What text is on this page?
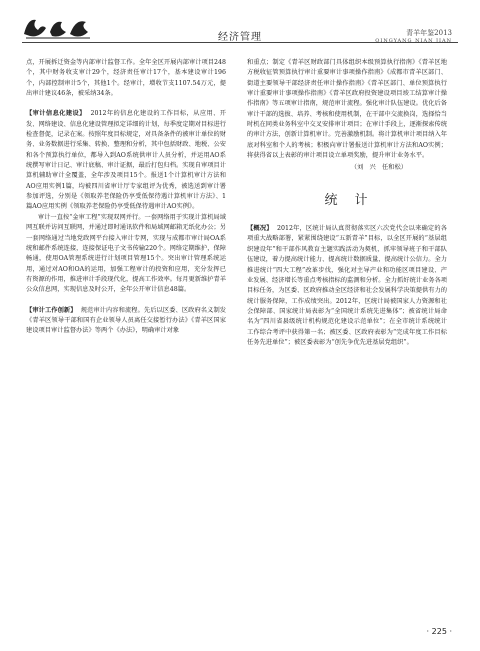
经济管理	青羊年鉴2013
QINGYANG NIAN JIAN

点，开展拆迁资金等内部审计监督工作。全年全区开展内部审计项目248个，其中财务收支审计29个，经济责任审计17个，基本建设审计196个，内部控制审计5个，其他1个。经审计，增收节支1107.54万元，提出审计建议46条，被采纳34条。

【审计信息化建设】 2012年的信息化建设的工作目标，从应用、开发、网络建设、信息化建设管理拟定详细的计划，每季度定期对目标进行检查督促，记录在案。按照年度目标规定，对具备条件的被审计单位的财务、业务数据进行采集、转换、整理和分析，其中包括财政、地税、公安和各个预算执行单位，都导入到AO系统供审计人员分析，并运用AO系统撰写审计日记、审计底稿、审计证据，最后打包归档。实现自审项目计算机辅助审计全覆盖，全年涉及项目15个。报送1个计算机审计方法和AO应用实例1篇，均被四川省审计厅专家组评为优秀，被选送到审计署参加评选，分别是《领取养老保险仍享受低保待遇计算机审计方法》、1篇AO应用实例《领取养老保险仍享受低保待遇审计AO实例》。

审计一直按“金审工程”实现双网并行。一套网络用于实现计算机局域网互联并访问互联网，并通过即时通讯软件和局域网邮箱无纸化办公；另一套网络通过当地党政网平台接入审计专网，实现与成都市审计局OA系统和邮件系统连接，连接保证电子文书传输220个。网络定期维护，保障畅通，使用OA管理系统进行计划项目管理15个。突出审计管理系统运用，通过对AO和OA的运用，加强工程审计的投资和应用，充分发挥已有资源的作用，推进审计手段现代化，提高工作效率。每月更新维护青羊公众信息网，实现信息及时公开，全年公开审计信息48篇。

【审计工作创新】 规范审计内容和流程。先后以区委、区政府名义制发《青羊区领导干部和国有企业领导人员离任交接暂行办法》《青羊区国家建设项目审计监督办法》等两个《办法》，明确审计对象

和重点；制定《青羊区财政部门具体组织本级预算执行指南》《青羊区地方税收征管预算执行审计重要审计事项操作指南》《成都市青羊区部门、街道主要领导干部经济责任审计操作指南》《青羊区部门、单位预算执行审计重要审计事项操作指南》《青羊区政府投资建设项目竣工结算审计操作指南》等五项审计指南，规范审计流程。强化审计队伍建设。优化后备审计干部的选拔、培养、考核和使用机制，在干部中交流换岗，选择恰当时机在同类业务科室中交叉安排审计项目；在审计手段上，逐渐探索传统的审计方法，创新计算机审计。完善激励机制。将计算机审计项目纳入年底对科室和个人的考核；积极向审计署报送计算机审计方法和AO实例；将获得省以上表彰的审计项目设立单项奖励，提升审计业务水平。

（刘　兴　任和松）

统　计

【概况】 2012年，区统计局认真贯彻落实区六次党代会以来确定的各项重大战略部署，紧紧围绕建设“五新青羊”目标，以全区开展的“基层组织建设年”和干部作风教育主题实践活动为契机，抓牢领导班子和干部队伍建设，着力提高统计能力、提高统计数据质量，提高统计公信力。全力推进统计“四大工程”改革步伐，强化对主导产业和功能区项目建设、产业发展、经济增长等重点考核指标的监测和分析。全力抓好统计业务各项目标任务，为区委、区政府推动全区经济和社会发展科学决策提供有力的统计服务保障，工作成绩突出。2012年，区统计局被国家人力资源和社会保障部、国家统计局表彰为“全国统计系统先进集体”；被省统计局命名为“四川省县级统计机构规范化建设示范单位”；在全市统计系统统计工作综合考评中获得第一名；被区委、区政府表彰为“完成年度工作目标任务先进单位”；被区委表彰为“创先争优先进基层党组织”。

· 225 ·
